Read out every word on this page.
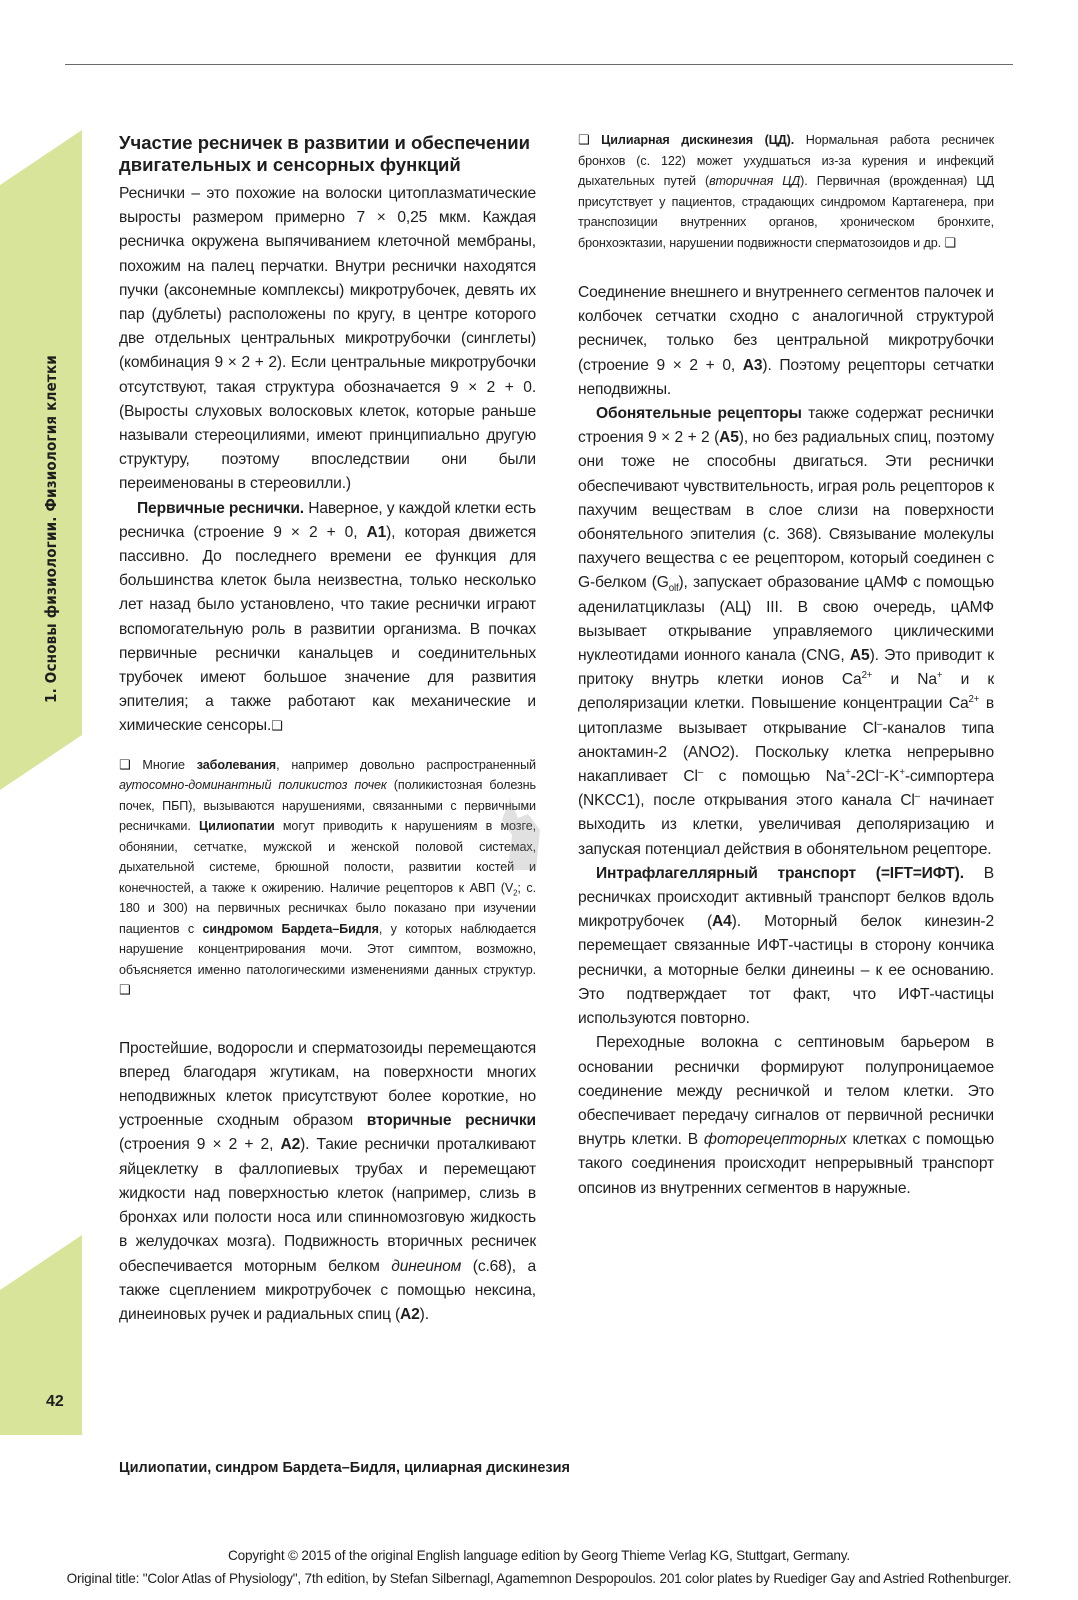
1. Основы физиологии. Физиология клетки
42
Участие ресничек в развитии и обеспечении двигательных и сенсорных функций

Реснички – это похожие на волоски цитоплазматические выросты размером примерно 7 × 0,25 мкм. Каждая ресничка окружена выпячиванием клеточной мембраны, похожим на палец перчатки. Внутри реснички находятся пучки (аксонемные комплексы) микротрубочек, девять их пар (дублеты) расположены по кругу, в центре которого две отдельных центральных микротрубочки (синглеты) (комбинация 9 × 2 + 2). Если центральные микротрубочки отсутствуют, такая структура обозначается 9 × 2 + 0. (Выросты слуховых волосковых клеток, которые раньше называли стереоцилиями, имеют принципиально другую структуру, поэтому впоследствии они были переименованы в стереовилли.)

Первичные реснички. Наверное, у каждой клетки есть ресничка (строение 9 × 2 + 0, A1), которая движется пассивно. До последнего времени ее функция для большинства клеток была неизвестна, только несколько лет назад было установлено, что такие реснички играют вспомогательную роль в развитии организма. В почках первичные реснички канальцев и соединительных трубочек имеют большое значение для развития эпителия; а также работают как механические и химические сенсоры.❑

❑ Многие заболевания, например довольно распространенный аутосомно-доминантный поликистоз почек (поликистозная болезнь почек, ПБП), вызываются нарушениями, связанными с первичными ресничками. Цилиопатии могут приводить к нарушениям в мозге, обонянии, сетчатке, мужской и женской половой системах, дыхательной системе, брюшной полости, развитии костей и конечностей, а также к ожирению. Наличие рецепторов к АВП ($V_2$; с. 180 и 300) на первичных ресничках было показано при изучении пациентов с синдромом Бардета–Бидля, у которых наблюдается нарушение концентрирования мочи. Этот симптом, возможно, объясняется именно патологическими изменениями данных структур. ❑

Простейшие, водоросли и сперматозоиды перемещаются вперед благодаря жгутикам, на поверхности многих неподвижных клеток присутствуют более короткие, но устроенные сходным образом вторичные реснички (строения 9 × 2 + 2, A2). Такие реснички проталкивают яйцеклетку в фаллопиевых трубах и перемещают жидкости над поверхностью клеток (например, слизь в бронхах или полости носа или спинномозговую жидкость в желудочках мозга). Подвижность вторичных ресничек обеспечивается моторным белком динеином (с.68), а также сцеплением микротрубочек с помощью нексина, динеиновых ручек и радиальных спиц (A2).

❑ Цилиарная дискинезия (ЦД). Нормальная работа ресничек бронхов (с. 122) может ухудшаться из-за курения и инфекций дыхательных путей (вторичная ЦД). Первичная (врожденная) ЦД присутствует у пациентов, страдающих синдромом Картагенера, при транспозиции внутренних органов, хроническом бронхите, бронхоэктазии, нарушении подвижности сперматозоидов и др. ❑

Соединение внешнего и внутреннего сегментов палочек и колбочек сетчатки сходно с аналогичной структурой ресничек, только без центральной микротрубочки (строение 9 × 2 + 0, A3). Поэтому рецепторы сетчатки неподвижны.

Обонятельные рецепторы также содержат реснички строения 9 × 2 + 2 (A5), но без радиальных спиц, поэтому они тоже не способны двигаться. Эти реснички обеспечивают чувствительность, играя роль рецепторов к пахучим веществам в слое слизи на поверхности обонятельного эпителия (с. 368). Связывание молекулы пахучего вещества с ее рецептором, который соединен с G-белком $(G_{olf})$, запускает образование цАМФ с помощью аденилатциклазы (АЦ) III. В свою очередь, цАМФ вызывает открывание управляемого циклическими нуклеотидами ионного канала (CNG, A5). Это приводит к притоку внутрь клетки ионов $Ca^{2+}$ и Na+ и к деполяризации клетки. Повышение концентрации $Ca^{2+}$ в цитоплазме вызывает открывание Cl–-каналов типа аноктамин-2 (ANO2). Поскольку клетка непрерывно накапливает Cl– с помощью Na+-2Cl–-K+-симпортера (NKCC1), после открывания этого канала Cl– начинает выходить из клетки, увеличивая деполяризацию и запуская потенциал действия в обонятельном рецепторе.

Интрафлагеллярный транспорт (=IFT=ИФТ). В ресничках происходит активный транспорт белков вдоль микротрубочек (A4). Моторный белок кинезин-2 перемещает связанные ИФТ-частицы в сторону кончика реснички, а моторные белки динеины – к ее основанию. Это подтверждает тот факт, что ИФТ-частицы используются повторно.

Переходные волокна с септиновым барьером в основании реснички формируют полупроницаемое соединение между ресничкой и телом клетки. Это обеспечивает передачу сигналов от первичной реснички внутрь клетки. В фоторецепторных клетках с помощью такого соединения происходит непрерывный транспорт опсинов из внутренних сегментов в наружные.

Цилиопатии, синдром Бардета–Бидля, цилиарная дискинезия
Copyright © 2015 of the original English language edition by Georg Thieme Verlag KG, Stuttgart, Germany.
Original title: "Color Atlas of Physiology", 7th edition, by Stefan Silbernagl, Agamemnon Despopoulos. 201 color plates by Ruediger Gay and Astried Rothenburger.
